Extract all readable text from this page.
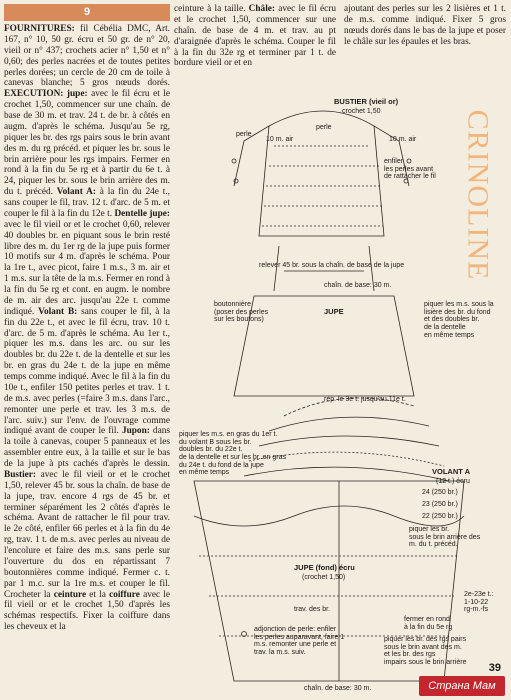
9
FOURNITURES: fil Cébélia DMC, Art. 167, n° 10, 50 gr. écru et 50 gr. de n° 20, vieil or n° 437; crochets acier n° 1,50 et n° 0,60; des perles nacrées et de toutes petites perles dorées; un cercle de 20 cm de toile à canevas blanche; 5 gros nœuds dorés. EXECUTION: jupe: avec le fil écru et le crochet 1,50, commencer sur une chaîn. de base de 30 m. et trav. 24 t. de br. à côtés en augm. d'après le schéma. Jusqu'au 5e rg, piquer les br. des rgs pairs sous le brin avant des m. du rg précéd. et piquer les br. sous le brin arrière pour les rgs impairs. Fermer en rond à la fin du 5e rg et à partir du 6e t. à 24, piquer les br. sous le brin arrière des m. du t. précéd. Volant A: à la fin du 24e t., sans couper le fil, trav. 12 t. d'arc. de 5 m. et couper le fil à la fin du 12e t. Dentelle jupe: avec le fil vieil or et le crochet 0,60, relever 40 doubles br. en piquant sous le brin resté libre des m. du 1er rg de la jupe puis former 10 motifs sur 4 m. d'après le schéma. Pour la 1re t., avec picot, faire 1 m.s., 3 m. air et 1 m.s. sur la tête de la m.s. Fermer en rond à la fin du 5e rg et cont. en augm. le nombre de m. air des arc. jusqu'au 22e t. comme indiqué. Volant B: sans couper le fil, à la fin du 22e t., et avec le fil écru, trav. 10 t. d'arc. de 5 m. d'après le schéma. Au 1er t., piquer les m.s. dans les arc. ou sur les doubles br. du 22e t. de la dentelle et sur les br. en gras du 24e t. de la jupe en même temps comme indiqué. Avec le fil à la fin du 10e t., enfiler 150 petites perles et trav. 1 t. de m.s. avec perles (=faire 3 m.s. dans l'arc., remonter une perle et trav. les 3 m.s. de l'arc. suiv.) sur l'env. de l'ouvrage comme indiqué avant de couper le fil. Jupon: dans la toile à canevas, couper 5 panneaux et les assembler entre eux, à la taille et sur le bas de la jupe à pts cachés d'après le dessin. Bustier: avec le fil vieil or et le crochet 1,50, relever 45 br. sous la chaîn. de base de la jupe, trav. encore 4 rgs de 45 br. et terminer séparément les 2 côtés d'après le schéma. Avant de rattacher le fil pour trav. le 2e côté, enfiler 66 perles et à la fin du 4e rg, trav. 1 t. de m.s. avec perles au niveau de l'encolure et faire des m.s. sans perle sur l'ouverture du dos en répartissant 7 boutonnières comme indiqué. Fermer c. t. par 1 m.c. sur la 1re m.s. et couper le fil. Crocheter la ceinture et la coiffure avec le fil vieil or et le crochet 1,50 d'après les schémas respectifs. Fixer la coiffure dans les cheveux et la
ceinture à la taille. Châle: avec le fil écru et le crochet 1,50, commencer sur une chaîn. de base de 4 m. et trav. au pt d'araignée d'après le schéma. Couper le fil à la fin du 32e rg et terminer par 1 t. de bordure vieil or et en
ajoutant des perles sur les 2 lisières et 1 t. de m.s. comme indiqué. Fixer 5 gros nœuds dorés dans le bas de la jupe et poser le châle sur les épaules et les bras.
CRINOLINE
BUSTIER (vieil or)
crochet 1,50
perle
perle
10 m. air	10 m. air
enfiler
les perles avant
de rattacher le fil
relever 45 br. sous la chaîn. de base de la jupe
chaîn. de base: 30 m.
boutonnière
(poser des perles
sur les boutons)
JUPE
piquer les m.s. sous la
lisière des br. du fond
et des doubles br.
de la dentelle
en même temps
rép. le 3e t. jusqu'au 11e t.
piquer les m.s. en gras du 1er t.
du volant B sous les br.
doubles br. du 22e t.
de la dentelle et sur les br. en gras
du 24e t. du fond de la jupe
en même temps	VOLANT A
(12 t.) écru
24 (250 br.)
23 (250 br.)
22 (250 br.)
piquer les br.
sous le brin arrière des
m. du t. précéd.
JUPE (fond) écru
(crochet 1,50)
trav. des br.
adjonction de perle: enfiler
les perles auparavant, faire 1
m.s. remonter une perle et
trav. la m.s. suiv.
2e-23e t.:
1-10-22
rg-m.-fs
fermer en rond
à la fin du 5e rg
piquer les br. des rgs pairs
sous le brin avant des m.
et les br. des rgs
impairs sous le brin arrière
chaîn. de base: 30 m.
39
Страна Мам
